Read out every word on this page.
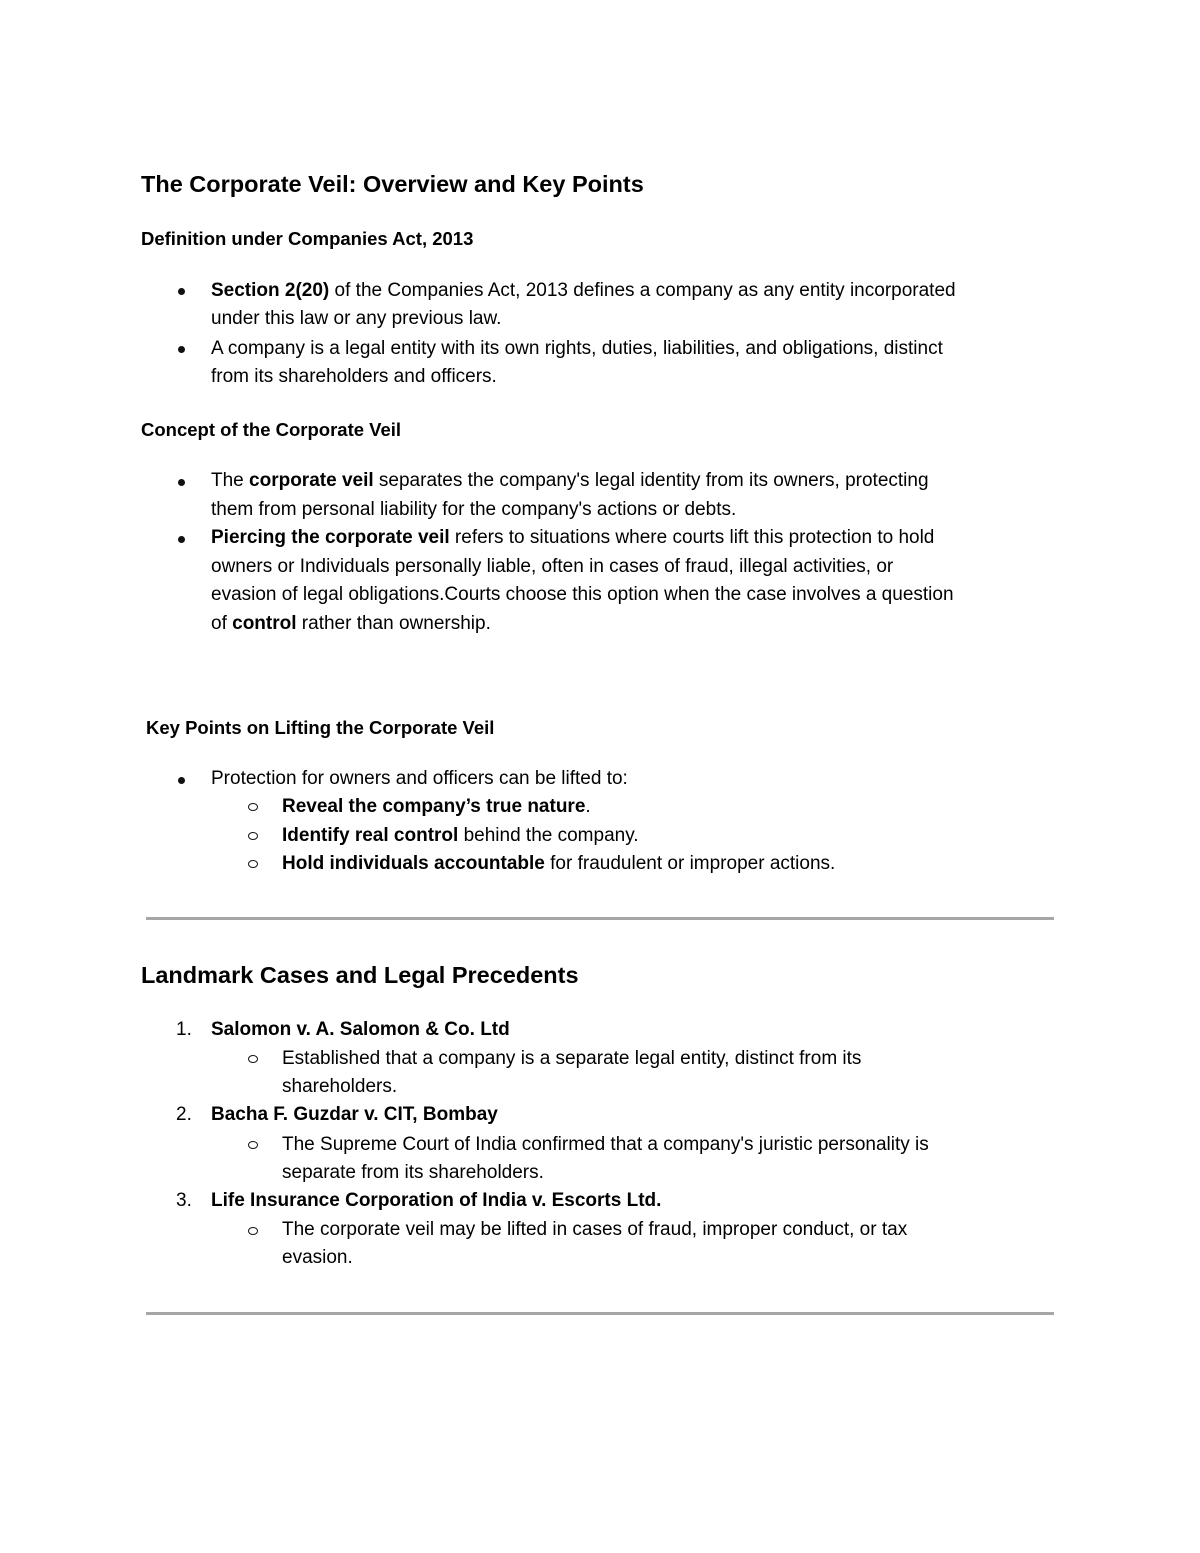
The Corporate Veil: Overview and Key Points
Definition under Companies Act, 2013
Section 2(20) of the Companies Act, 2013 defines a company as any entity incorporated
under this law or any previous law.
A company is a legal entity with its own rights, duties, liabilities, and obligations, distinct
from its shareholders and officers.
Concept of the Corporate Veil
The corporate veil separates the company's legal identity from its owners, protecting
them from personal liability for the company's actions or debts.
Piercing the corporate veil refers to situations where courts lift this protection to hold
owners or Individuals personally liable, often in cases of fraud, illegal activities, or
evasion of legal obligations.Courts choose this option when the case involves a question
of control rather than ownership.
Key Points on Lifting the Corporate Veil
Protection for owners and officers can be lifted to:
Reveal the company’s true nature.
Identify real control behind the company.
Hold individuals accountable for fraudulent or improper actions.
Landmark Cases and Legal Precedents
1. Salomon v. A. Salomon & Co. Ltd
Established that a company is a separate legal entity, distinct from its
shareholders.
2. Bacha F. Guzdar v. CIT, Bombay
The Supreme Court of India confirmed that a company's juristic personality is
separate from its shareholders.
3. Life Insurance Corporation of India v. Escorts Ltd.
The corporate veil may be lifted in cases of fraud, improper conduct, or tax
evasion.
